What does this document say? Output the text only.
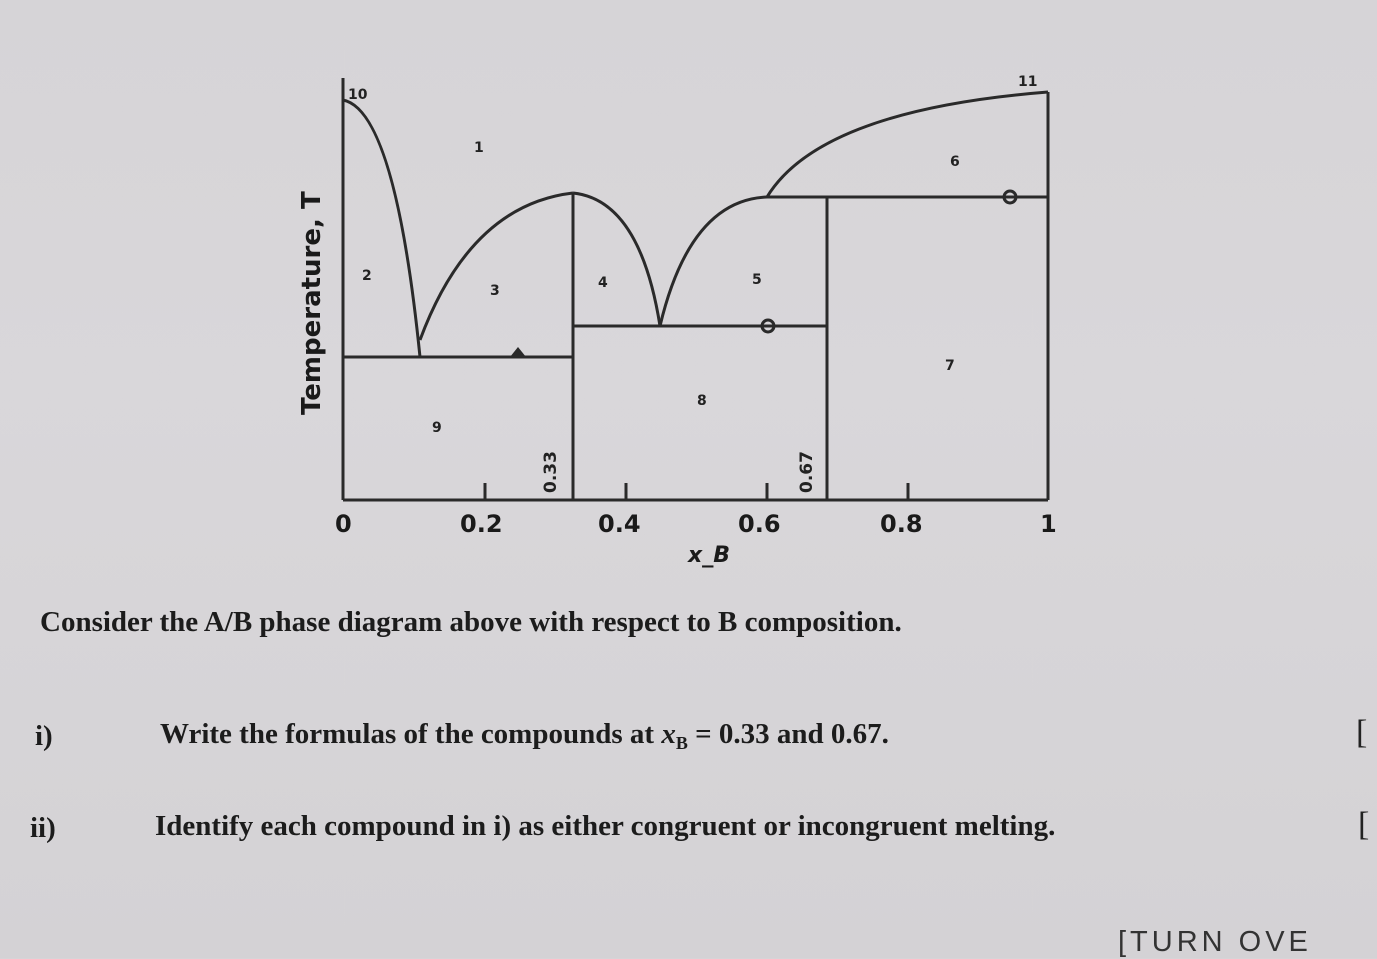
1
2
3	4	5
6
7
8
9
10
11
0.33	0.67
0	0.2	0.4	0.6	0.8	1
Temperature, T
x_B
Consider the A/B phase diagram above with respect to B composition.
i)	Write the formulas of the compounds at $x_B = 0.33$ and 0.67.	[
ii)	Identify each compound in i) as either congruent or incongruent melting.	[
[TURN OVE
